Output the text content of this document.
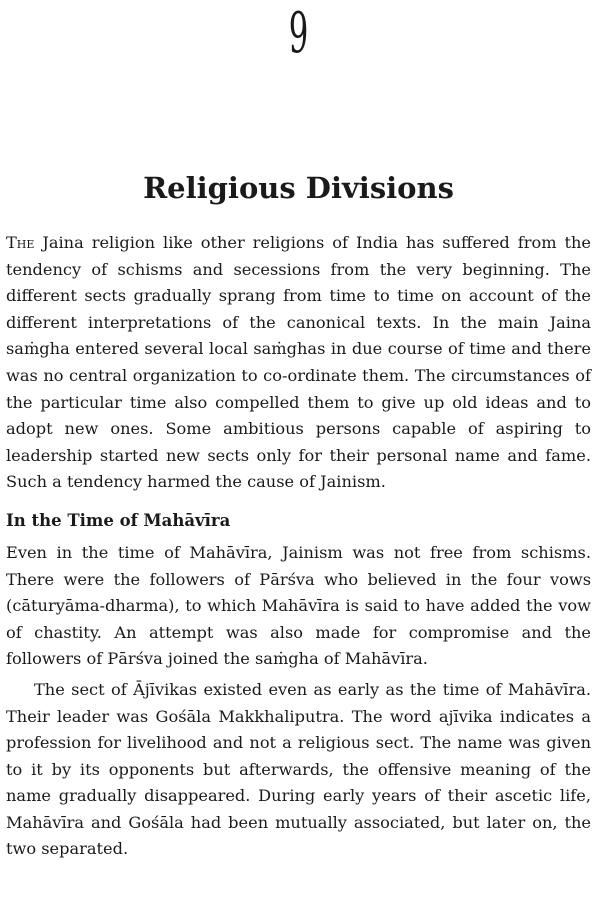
9
Religious Divisions

The Jaina religion like other religions of India has suffered from the tendency of schisms and secessions from the very beginning. The different sects gradually sprang from time to time on account of the different interpretations of the canonical texts. In the main Jaina saṁgha entered several local saṁghas in due course of time and there was no central organization to co-ordinate them. The circumstances of the particular time also compelled them to give up old ideas and to adopt new ones. Some ambitious persons capable of aspiring to leadership started new sects only for their personal name and fame. Such a tendency harmed the cause of Jainism.

In the Time of Mahāvīra

Even in the time of Mahāvīra, Jainism was not free from schisms. There were the followers of Pārśva who believed in the four vows (cāturyāma-dharma), to which Mahāvīra is said to have added the vow of chastity. An attempt was also made for compromise and the followers of Pārśva joined the saṁgha of Mahāvīra.

The sect of Ājīvikas existed even as early as the time of Mahāvīra. Their leader was Gośāla Makkhaliputra. The word ajīvika indicates a profession for livelihood and not a religious sect. The name was given to it by its opponents but afterwards, the offensive meaning of the name gradually disappeared. During early years of their ascetic life, Mahāvīra and Gośāla had been mutually associated, but later on, the two separated.
